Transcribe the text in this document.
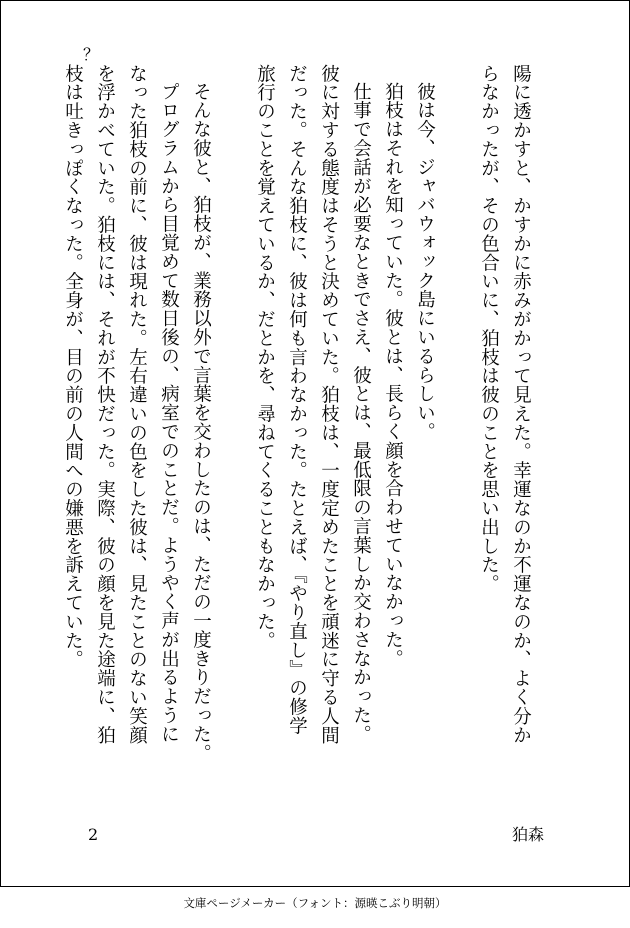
？
陽に透かすと、かすかに赤みがかって見えた。幸運なのか不運なのか、よく分か
らなかったが、その色合いに、狛枝は彼のことを思い出した。
彼は今、ジャバウォック島にいるらしい。
狛枝はそれを知っていた。彼とは、長らく顔を合わせていなかった。
仕事で会話が必要なときでさえ、彼とは、最低限の言葉しか交わさなかった。
彼に対する態度はそうと決めていた。狛枝は、一度定めたことを頑迷に守る人間
だった。そんな狛枝に、彼は何も言わなかった。たとえば、『やり直し』の修学
旅行のことを覚えているか、だとかを、尋ねてくることもなかった。
そんな彼と、狛枝が、業務以外で言葉を交わしたのは、ただの一度きりだった。
プログラムから目覚めて数日後の、病室でのことだ。ようやく声が出るように
なった狛枝の前に、彼は現れた。左右違いの色をした彼は、見たことのない笑顔
を浮かべていた。狛枝には、それが不快だった。実際、彼の顔を見た途端に、狛
枝は吐きっぽくなった。全身が、目の前の人間への嫌悪を訴えていた。
2	狛森
文庫ページメーカー（フォント：源暎こぶり明朝）
